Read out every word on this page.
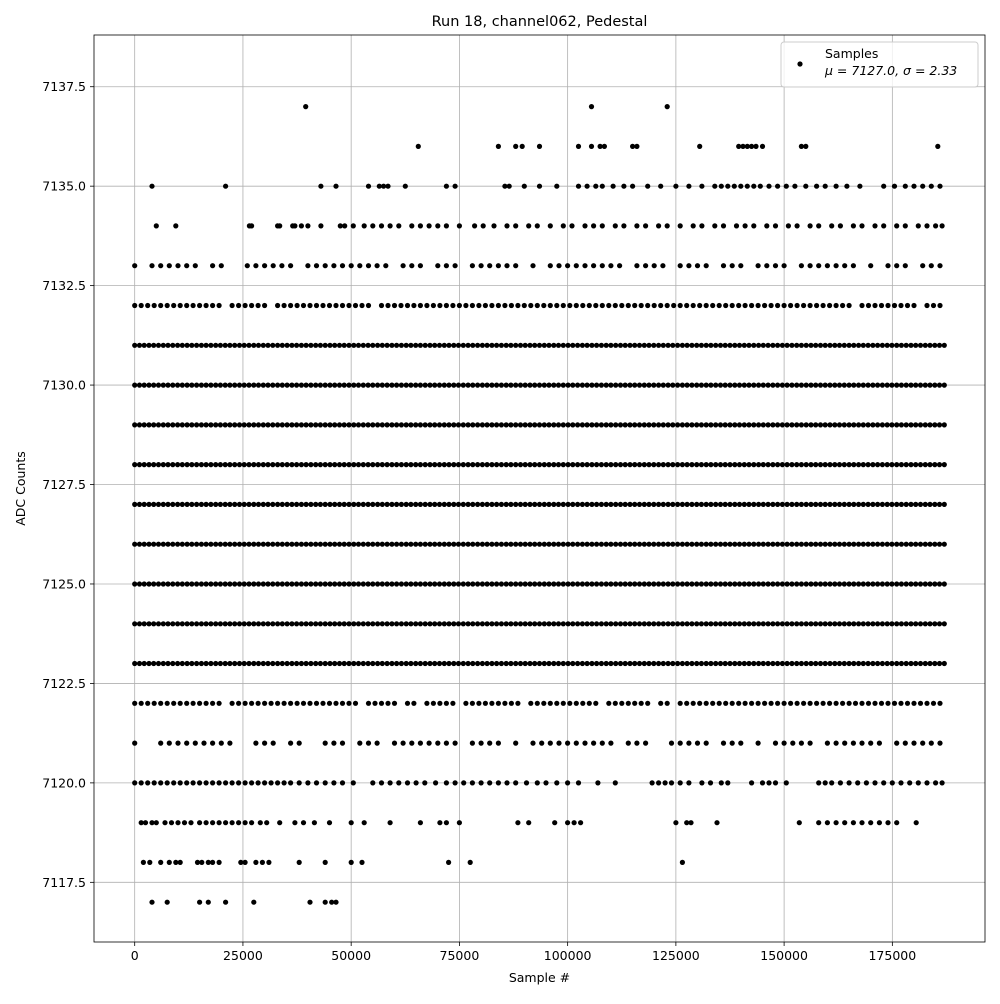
0	25000	50000	75000	100000	125000	150000	175000
7117.5
7120.0
7122.5
7125.0
7127.5
7130.0
7132.5
7135.0
7137.5
Run 18, channel062, Pedestal
Sample #
ADC Counts
Samples
μ = 7127.0, σ = 2.33
